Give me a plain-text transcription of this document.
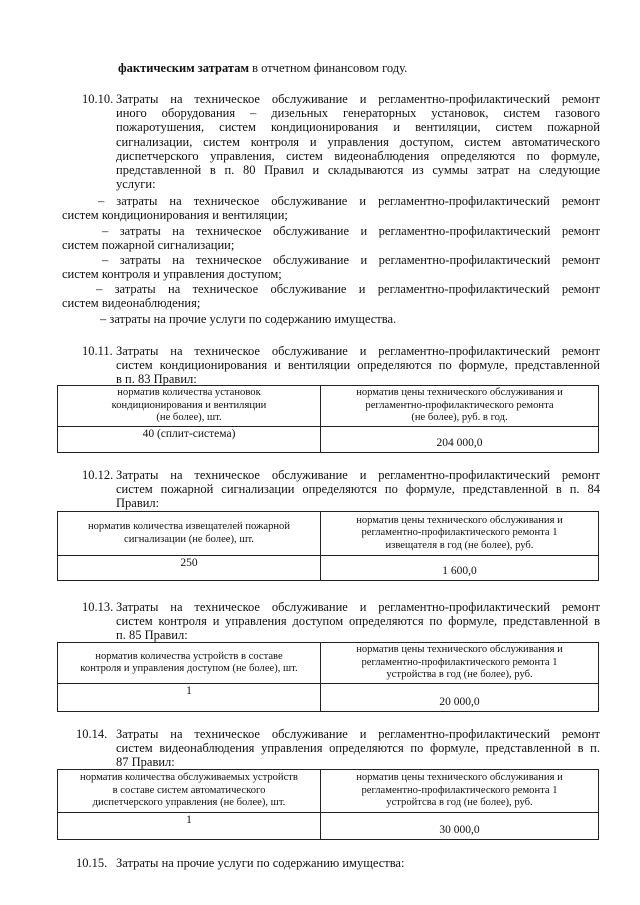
фактическим затратам в отчетном финансовом году.
10.10. Затраты на техническое обслуживание и регламентно-профилактический ремонт
иного оборудования – дизельных генераторных установок, систем газового
пожаротушения, систем кондиционирования и вентиляции, систем пожарной
сигнализации, систем контроля и управления доступом, систем автоматического
диспетчерского управления, систем видеонаблюдения определяются по формуле,
представленной в п. 80 Правил и складываются из суммы затрат на следующие
услуги:
– затраты на техническое обслуживание и регламентно-профилактический ремонт
систем кондиционирования и вентиляции;
– затраты на техническое обслуживание и регламентно-профилактический ремонт
систем пожарной сигнализации;
– затраты на техническое обслуживание и регламентно-профилактический ремонт
систем контроля и управления доступом;
– затраты на техническое обслуживание и регламентно-профилактический ремонт
систем видеонаблюдения;
– затраты на прочие услуги по содержанию имущества.
10.11. Затраты на техническое обслуживание и регламентно-профилактический ремонт
систем кондиционирования и вентиляции определяются по формуле, представленной
в п. 83 Правил:
норматив количества установок
кондиционирования и вентиляции
(не более), шт.	норматив цены технического обслуживания и
регламентно-профилактического ремонта
(не более), руб. в год.
40 (сплит-система)	204 000,0
10.12. Затраты на техническое обслуживание и регламентно-профилактический ремонт
систем пожарной сигнализации определяются по формуле, представленной в п. 84
Правил:
норматив количества извещателей пожарной
сигнализации (не более), шт.	норматив цены технического обслуживания и
регламентно-профилактического ремонта 1
извещателя в год (не более), руб.
250	1 600,0
10.13. Затраты на техническое обслуживание и регламентно-профилактический ремонт
систем контроля и управления доступом определяются по формуле, представленной в
п. 85 Правил:
норматив количества устройств в составе
контроля и управления доступом (не более), шт.	норматив цены технического обслуживания и
регламентно-профилактического ремонта 1
устройства в год (не более), руб.
1	20 000,0
10.14. Затраты на техническое обслуживание и регламентно-профилактический ремонт
систем видеонаблюдения управления определяются по формуле, представленной в п.
87 Правил:
норматив количества обслуживаемых устройств
в составе систем автоматического
диспетчерского управления (не более), шт.	норматив цены технического обслуживания и
регламентно-профилактического ремонта 1
устройтсва в год (не более), руб.
1	30 000,0
10.15. Затраты на прочие услуги по содержанию имущества:
